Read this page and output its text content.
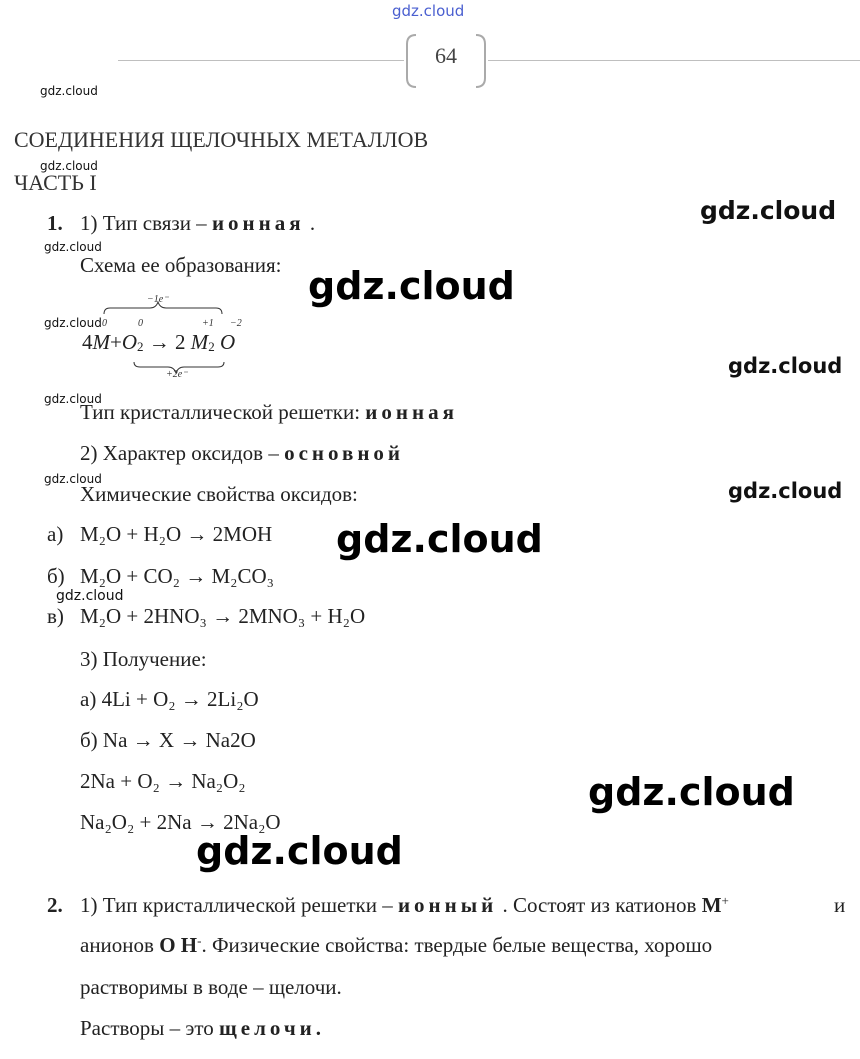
gdz.cloud
64
gdz.cloud
gdz.cloud
gdz.cloud
gdz.cloud
gdz.cloud
gdz.cloud
gdz.cloud
gdz.cloud
gdz.cloud
gdz.cloud
gdz.cloud
gdz.cloud
gdz.cloud
gdz.cloud
СОЕДИНЕНИЯ ЩЕЛОЧНЫХ МЕТАЛЛОВ
ЧАСТЬ I
1. 1) Тип связи – ионная .
Схема ее образования:
−1e⁻
+2e⁻
0	0	+1 −2
$4M+O_2 \to 2$ $M_2$ O
Тип кристаллической решетки: ионная
2) Характер оксидов – основной
Химические свойства оксидов:
а) M₂O + H₂O → 2MOH
б) M₂O + CO₂ → M₂CO₃
в) M₂O + 2HNO₃ → 2MNO₃ + H₂O
3) Получение:
а) 4Li + O₂ → 2Li₂O
б) Na → X → Na2O
2Na + O₂ → Na₂O₂
Na₂O₂ + 2Na → 2Na₂O
2. 1) Тип кристаллической решетки – ионный . Состоят из катионов M+	и
анионов O H-. Физические свойства: твердые белые вещества, хорошо
растворимы в воде – щелочи.
Растворы – это щелочи.
